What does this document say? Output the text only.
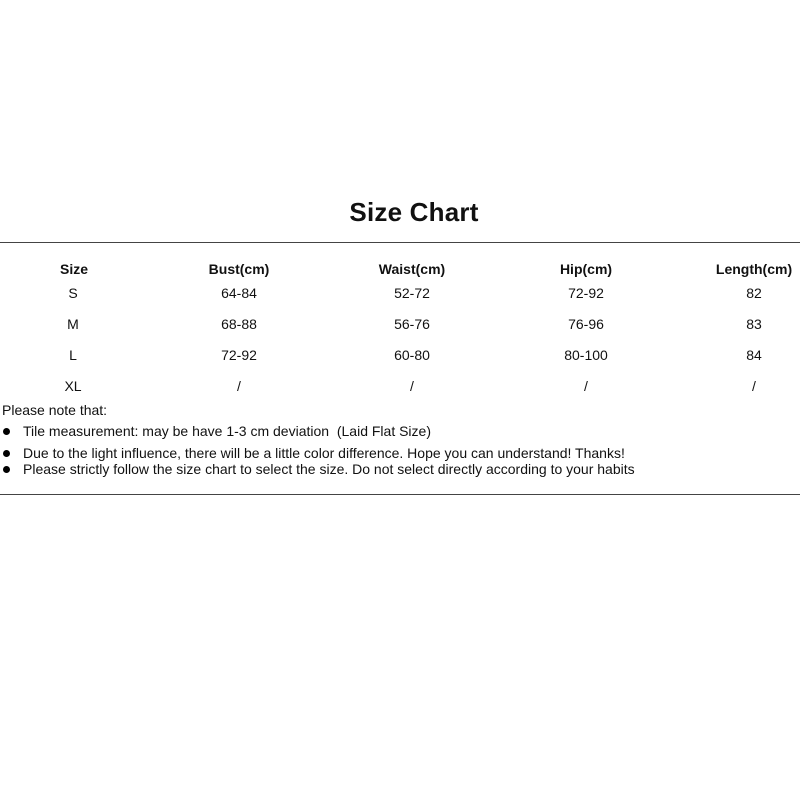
Size Chart
Size	Bust(cm)	Waist(cm)	Hip(cm)	Length(cm)
S	64-84	52-72	72-92	82
M	68-88	56-76	76-96	83
L	72-92	60-80	80-100	84
XL	/	/	/	/
Please note that:
Tile measurement: may be have 1-3 cm deviation  (Laid Flat Size)
Due to the light influence, there will be a little color difference. Hope you can understand! Thanks!
Please strictly follow the size chart to select the size. Do not select directly according to your habits
